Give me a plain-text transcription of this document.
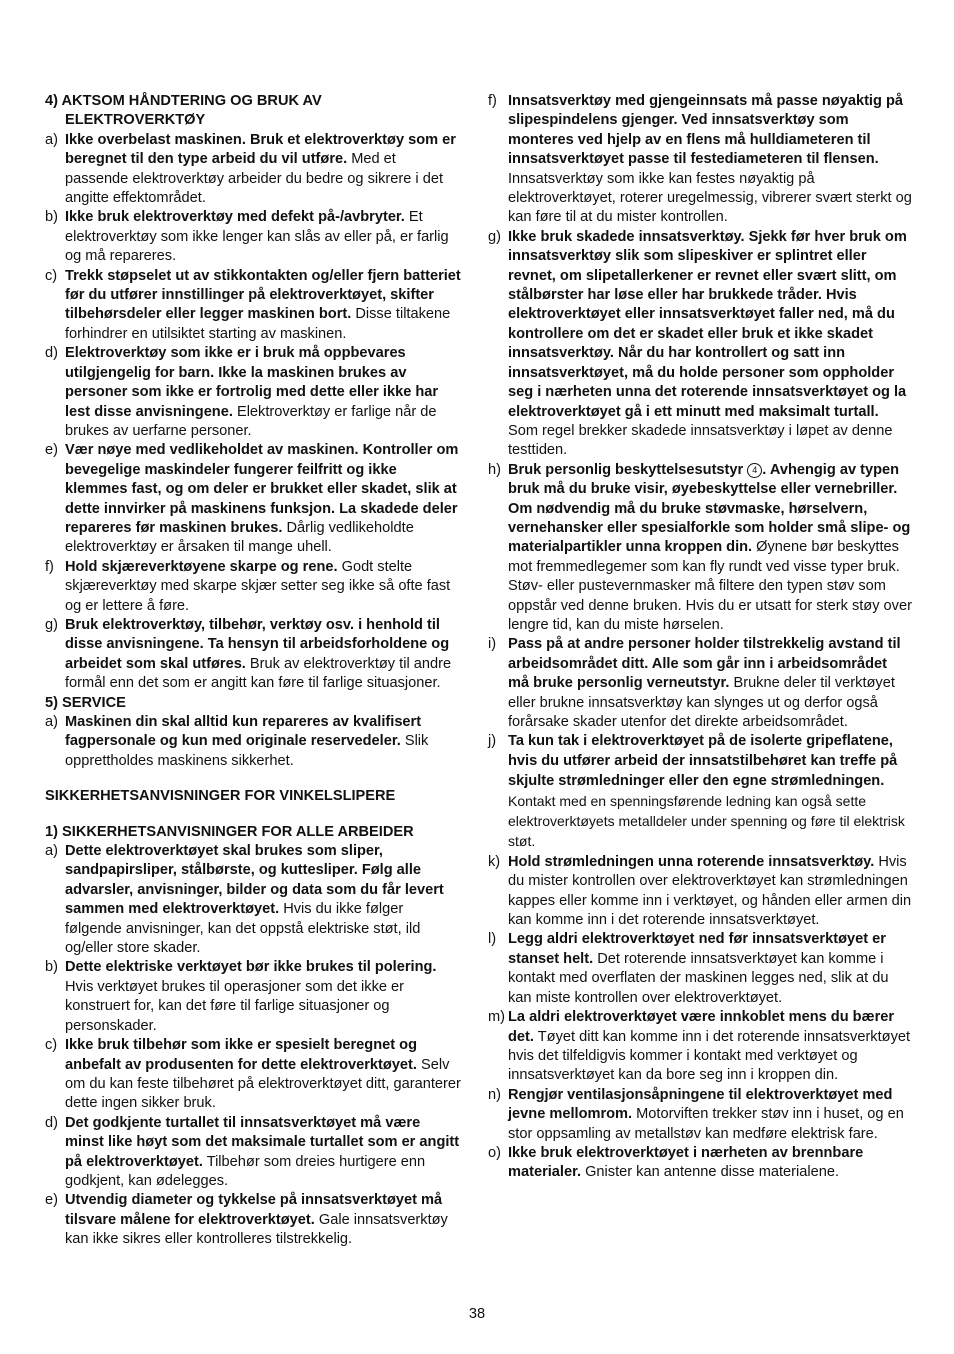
4) AKTSOM HÅNDTERING OG BRUK AV ELEKTROVERKTØY
a) Ikke overbelast maskinen. Bruk et elektroverktøy som er beregnet til den type arbeid du vil utføre. Med et passende elektroverktøy arbeider du bedre og sikrere i det angitte effektområdet.
b) Ikke bruk elektroverktøy med defekt på-/avbryter. Et elektroverktøy som ikke lenger kan slås av eller på, er farlig og må repareres.
c) Trekk støpselet ut av stikkontakten og/eller fjern batteriet før du utfører innstillinger på elektroverktøyet, skifter tilbehørsdeler eller legger maskinen bort. Disse tiltakene forhindrer en utilsiktet starting av maskinen.
d) Elektroverktøy som ikke er i bruk må oppbevares utilgjengelig for barn. Ikke la maskinen brukes av personer som ikke er fortrolig med dette eller ikke har lest disse anvisningene. Elektroverktøy er farlige når de brukes av uerfarne personer.
e) Vær nøye med vedlikeholdet av maskinen. Kontroller om bevegelige maskindeler fungerer feilfritt og ikke klemmes fast, og om deler er brukket eller skadet, slik at dette innvirker på maskinens funksjon. La skadede deler repareres før maskinen brukes. Dårlig vedlikeholdte elektroverktøy er årsaken til mange uhell.
f) Hold skjæreverktøyene skarpe og rene. Godt stelte skjæreverktøy med skarpe skjær setter seg ikke så ofte fast og er lettere å føre.
g) Bruk elektroverktøy, tilbehør, verktøy osv. i henhold til disse anvisningene. Ta hensyn til arbeidsforholdene og arbeidet som skal utføres. Bruk av elektroverktøy til andre formål enn det som er angitt kan føre til farlige situasjoner.
5) SERVICE
a) Maskinen din skal alltid kun repareres av kvalifisert fagpersonale og kun med originale reservedeler. Slik opprettholdes maskinens sikkerhet.
SIKKERHETSANVISNINGER FOR VINKELSLIPERE
1) SIKKERHETSANVISNINGER FOR ALLE ARBEIDER
a) Dette elektroverktøyet skal brukes som sliper, sandpapirsliper, stålbørste, og kuttesliper. Følg alle advarsler, anvisninger, bilder og data som du får levert sammen med elektroverktøyet. Hvis du ikke følger følgende anvisninger, kan det oppstå elektriske støt, ild og/eller store skader.
b) Dette elektriske verktøyet bør ikke brukes til polering. Hvis verktøyet brukes til operasjoner som det ikke er konstruert for, kan det føre til farlige situasjoner og personskader.
c) Ikke bruk tilbehør som ikke er spesielt beregnet og anbefalt av produsenten for dette elektroverktøyet. Selv om du kan feste tilbehøret på elektroverktøyet ditt, garanterer dette ingen sikker bruk.
d) Det godkjente turtallet til innsatsverktøyet må være minst like høyt som det maksimale turtallet som er angitt på elektroverktøyet. Tilbehør som dreies hurtigere enn godkjent, kan ødelegges.
e) Utvendig diameter og tykkelse på innsatsverktøyet må tilsvare målene for elektroverktøyet. Gale innsatsverktøy kan ikke sikres eller kontrolleres tilstrekkelig.
f) Innsatsverktøy med gjengeinnsats må passe nøyaktig på slipespindelens gjenger. Ved innsatsverktøy som monteres ved hjelp av en flens må hulldiameteren til innsatsverktøyet passe til festediameteren til flensen. Innsatsverktøy som ikke kan festes nøyaktig på elektroverktøyet, roterer uregelmessig, vibrerer svært sterkt og kan føre til at du mister kontrollen.
g) Ikke bruk skadede innsatsverktøy. Sjekk før hver bruk om innsatsverktøy slik som slipeskiver er splintret eller revnet, om slipetallerkener er revnet eller svært slitt, om stålbørster har løse eller har brukkede tråder. Hvis elektroverktøyet eller innsatsverktøyet faller ned, må du kontrollere om det er skadet eller bruk et ikke skadet innsatsverktøy. Når du har kontrollert og satt inn innsatsverktøyet, må du holde personer som oppholder seg i nærheten unna det roterende innsatsverktøyet og la elektroverktøyet gå i ett minutt med maksimalt turtall. Som regel brekker skadede innsatsverktøy i løpet av denne testtiden.
h) Bruk personlig beskyttelsesutstyr 4 . Avhengig av typen bruk må du bruke visir, øyebeskyttelse eller vernebriller. Om nødvendig må du bruke støvmaske, hørselvern, vernehansker eller spesialforkle som holder små slipe- og materialpartikler unna kroppen din. Øynene bør beskyttes mot fremmedlegemer som kan fly rundt ved visse typer bruk. Støv- eller pustevernmasker må filtere den typen støv som oppstår ved denne bruken. Hvis du er utsatt for sterk støy over lengre tid, kan du miste hørselen.
i) Pass på at andre personer holder tilstrekkelig avstand til arbeidsområdet ditt. Alle som går inn i arbeidsområdet må bruke personlig verneutstyr. Brukne deler til verktøyet eller brukne innsatsverktøy kan slynges ut og derfor også forårsake skader utenfor det direkte arbeidsområdet.
j) Ta kun tak i elektroverktøyet på de isolerte gripeflatene, hvis du utfører arbeid der innsatstilbehøret kan treffe på skjulte strømledninger eller den egne strømledningen. Kontakt med en spenningsførende ledning kan også sette elektroverktøyets metalldeler under spenning og føre til elektrisk støt.
k) Hold strømledningen unna roterende innsatsverktøy. Hvis du mister kontrollen over elektroverktøyet kan strømledningen kappes eller komme inn i verktøyet, og hånden eller armen din kan komme inn i det roterende innsatsverktøyet.
l) Legg aldri elektroverktøyet ned før innsatsverktøyet er stanset helt. Det roterende innsatsverktøyet kan komme i kontakt med overflaten der maskinen legges ned, slik at du kan miste kontrollen over elektroverktøyet.
m) La aldri elektroverktøyet være innkoblet mens du bærer det. Tøyet ditt kan komme inn i det roterende innsatsverktøyet hvis det tilfeldigvis kommer i kontakt med verktøyet og innsatsverktøyet kan da bore seg inn i kroppen din.
n) Rengjør ventilasjonsåpningene til elektroverktøyet med jevne mellomrom. Motorviften trekker støv inn i huset, og en stor oppsamling av metallstøv kan medføre elektrisk fare.
o) Ikke bruk elektroverktøyet i nærheten av brennbare materialer. Gnister kan antenne disse materialene.
38
